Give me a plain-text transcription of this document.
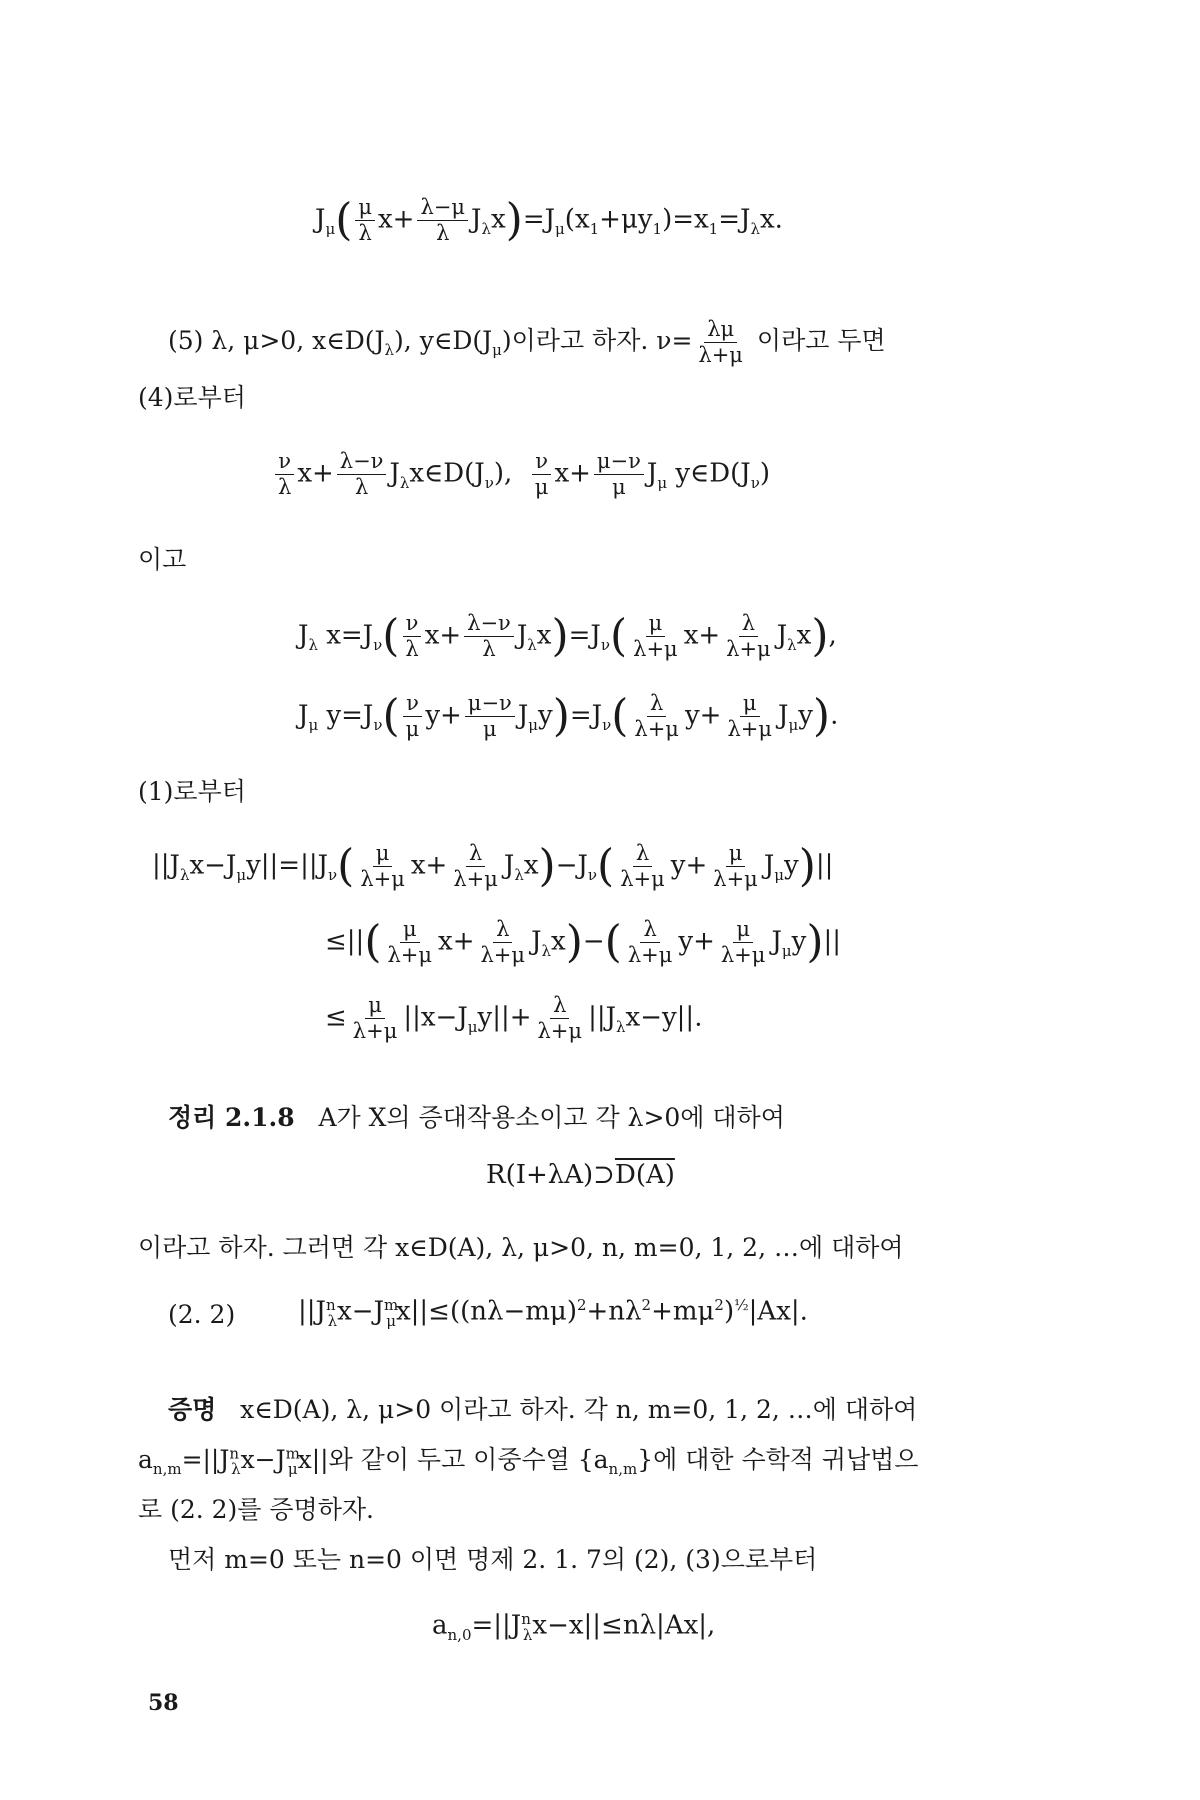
$J_\mu( \frac{\mu}{\lambda} x+ \frac{\lambda-\mu}{\lambda} J_\lambda x)=J_\mu(x_1+\mu y_1)=x_1=J_\lambda x$.
(5) λ, μ>0, $x\in D(J_\lambda)$, $y\in D(J_\mu)$이라고 하자. $\nu= \frac{\lambda\mu}{\lambda+\mu}$ 이라고 두면
(4)로부터
$\frac{\nu}{\lambda} x+ \frac{\lambda-\nu}{\lambda}$ $J_\lambda x\in D(J_\nu)$, $\frac{\nu}{\mu} x+ \frac{\mu-\nu}{\mu} J_\mu$ $y\in D(J_\nu)$
이고
$J_\lambda$ $x=J_\nu( \frac{\nu}{\lambda} x+ \frac{\lambda-\nu}{\lambda} J_\lambda x)=J_\nu( \frac{\mu}{\lambda+\mu} x+ \frac{\lambda}{\lambda+\mu} J_\lambda x)$,
$J_\mu$ $y=J_\nu( \frac{\nu}{\mu} y+ \frac{\mu-\nu}{\mu} J_\mu y)=J_\nu( \frac{\lambda}{\lambda+\mu} y+ \frac{\mu}{\lambda+\mu} J_\mu y)$.
(1)로부터
$||J_\lambda x-J_\mu y||=||J_\nu( \frac{\mu}{\lambda+\mu} x+ \frac{\lambda}{\lambda+\mu} J_\lambda x)-J_\nu( \frac{\lambda}{\lambda+\mu} y+ \frac{\mu}{\lambda+\mu} J_\mu y)||$
≤||( $\frac{\mu}{\lambda+\mu} x+ \frac{\lambda}{\lambda+\mu} J_\lambda x)-( \frac{\lambda}{\lambda+\mu} y+ \frac{\mu}{\lambda+\mu} J_\mu y)||$
≤ $\frac{\mu}{\lambda+\mu} ||x-J_\mu y||+ \frac{\lambda}{\lambda+\mu} ||J_\lambda x-y||$.
정리 2.1.8 A가 X의 증대작용소이고 각 λ>0에 대하여
R(I+λA)⊃D(A)
이라고 하자. 그러면 각 x∈D(A), λ, μ>0, n, m=0, 1, 2, …에 대하여
(2. 2) $||J^n_\lambda x-J^m_\mu x||\le((n\lambda-m\mu)^2+n\lambda^2+m\mu^2)^{\frac{1}{2}}|Ax|$.
증명 x∈D(A), λ, μ>0 이라고 하자. 각 n, m=0, 1, 2, …에 대하여
$a_{n,m}=||J^n_\lambda x-J^m_\mu x||$와 같이 두고 이중수열 $\{a_{n,m}\}$에 대한 수학적 귀납법으
로 (2. 2)를 증명하자.
먼저 m=0 또는 n=0 이면 명제 2. 1. 7의 (2), (3)으로부터
$a_{n,0}=||J^n_\lambda x-x||\le n\lambda|Ax|$,
58
